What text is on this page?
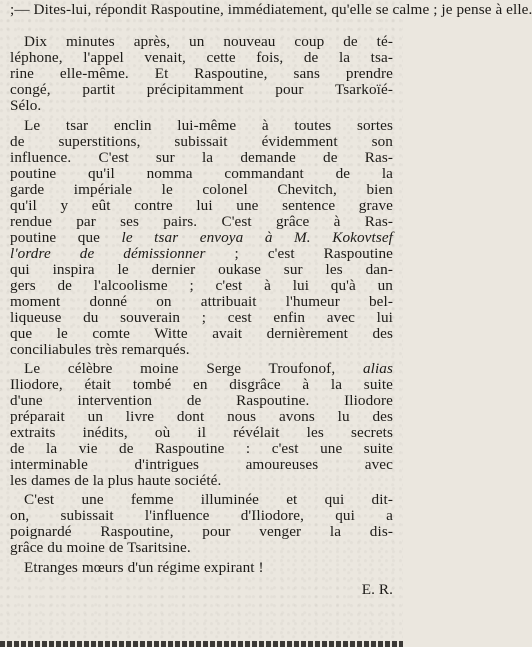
;— Dites-lui, répondit Raspoutine, immédiatement, qu'elle se calme ; je pense à elle.
Dix minutes après, un nouveau coup de té-
léphone, l'appel venait, cette fois, de la tsa-
rine elle-même. Et Raspoutine, sans prendre
congé, partit précipitamment pour Tsarkoïé-
Sélo.
Le tsar enclin lui-même à toutes sortes
de superstitions, subissait évidemment son
influence. C'est sur la demande de Ras-
poutine qu'il nomma commandant de la
garde impériale le colonel Chevitch, bien
qu'il y eût contre lui une sentence grave
rendue par ses pairs. C'est grâce à Ras-
poutine que le tsar envoya à M. Kokovtsef
l'ordre de démissionner ; c'est Raspoutine
qui inspira le dernier oukase sur les dan-
gers de l'alcoolisme ; c'est à lui qu'à un
moment donné on attribuait l'humeur bel-
liqueuse du souverain ; cest enfin avec lui
que le comte Witte avait dernièrement des
conciliabules très remarqués.
Le célèbre moine Serge Troufonof, alias
Iliodore, était tombé en disgrâce à la suite
d'une intervention de Raspoutine. Iliodore
préparait un livre dont nous avons lu des
extraits inédits, où il révélait les secrets
de la vie de Raspoutine : c'est une suite
interminable d'intrigues amoureuses avec
les dames de la plus haute société.
C'est une femme illuminée et qui dit-
on, subissait l'influence d'Iliodore, qui a
poignardé Raspoutine, pour venger la dis-
grâce du moine de Tsaritsine.
Etranges mœurs d'un régime expirant !
E. R.
